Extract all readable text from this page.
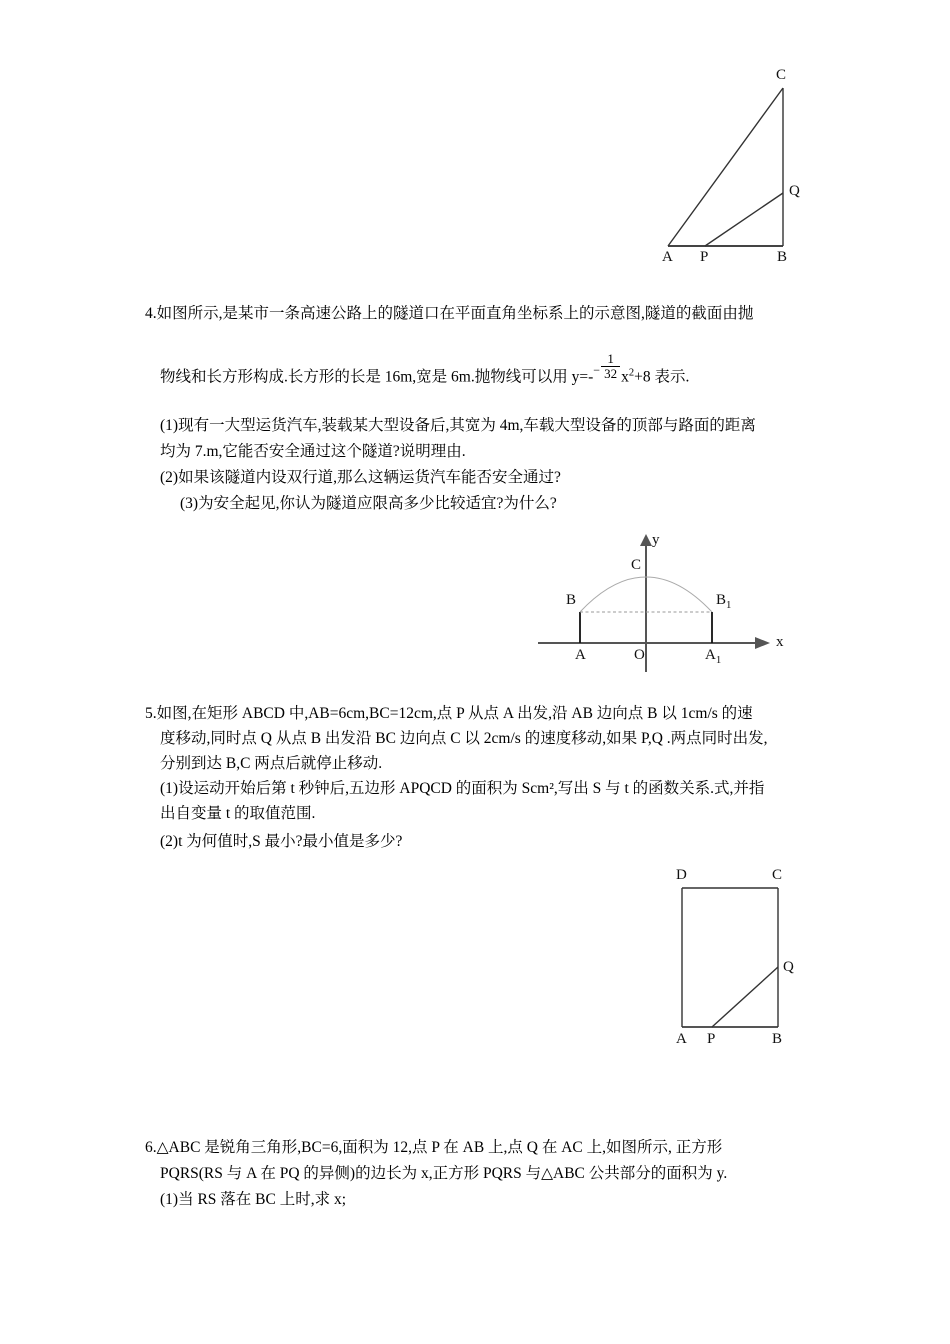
C
Q
A P	B
4.如图所示,是某市一条高速公路上的隧道口在平面直角坐标系上的示意图,隧道的截面由抛
物线和长方形构成.长方形的长是 16m,宽是 6m.抛物线可以用 $y=-- \frac{1}{32} x^2+8$ 表示.
(1)现有一大型运货汽车,装载某大型设备后,其宽为 4m,车载大型设备的顶部与路面的距离
均为 7.m,它能否安全通过这个隧道?说明理由.
(2)如果该隧道内设双行道,那么这辆运货汽车能否安全通过?
(3)为安全起见,你认为隧道应限高多少比较适宜?为什么?
y
x
C
B	$B_1$
O
A	$A_1$
5.如图,在矩形 ABCD 中,AB=6cm,BC=12cm,点 P 从点 A 出发,沿 AB 边向点 B 以 1cm/s 的速
度移动,同时点 Q 从点 B 出发沿 BC 边向点 C 以 2cm/s 的速度移动,如果 P,Q .两点同时出发,
分别到达 B,C 两点后就停止移动.
(1)设运动开始后第 t 秒钟后,五边形 APQCD 的面积为 Scm²,写出 S 与 t 的函数关系.式,并指
出自变量 t 的取值范围.
(2)t 为何值时,S 最小?最小值是多少?
D	C
Q
A P	B
6.△ABC 是锐角三角形,BC=6,面积为 12,点 P 在 AB 上,点 Q 在 AC 上,如图所示, 正方形
PQRS(RS 与 A 在 PQ 的异侧)的边长为 x,正方形 PQRS 与△ABC 公共部分的面积为 y.
(1)当 RS 落在 BC 上时,求 x;
